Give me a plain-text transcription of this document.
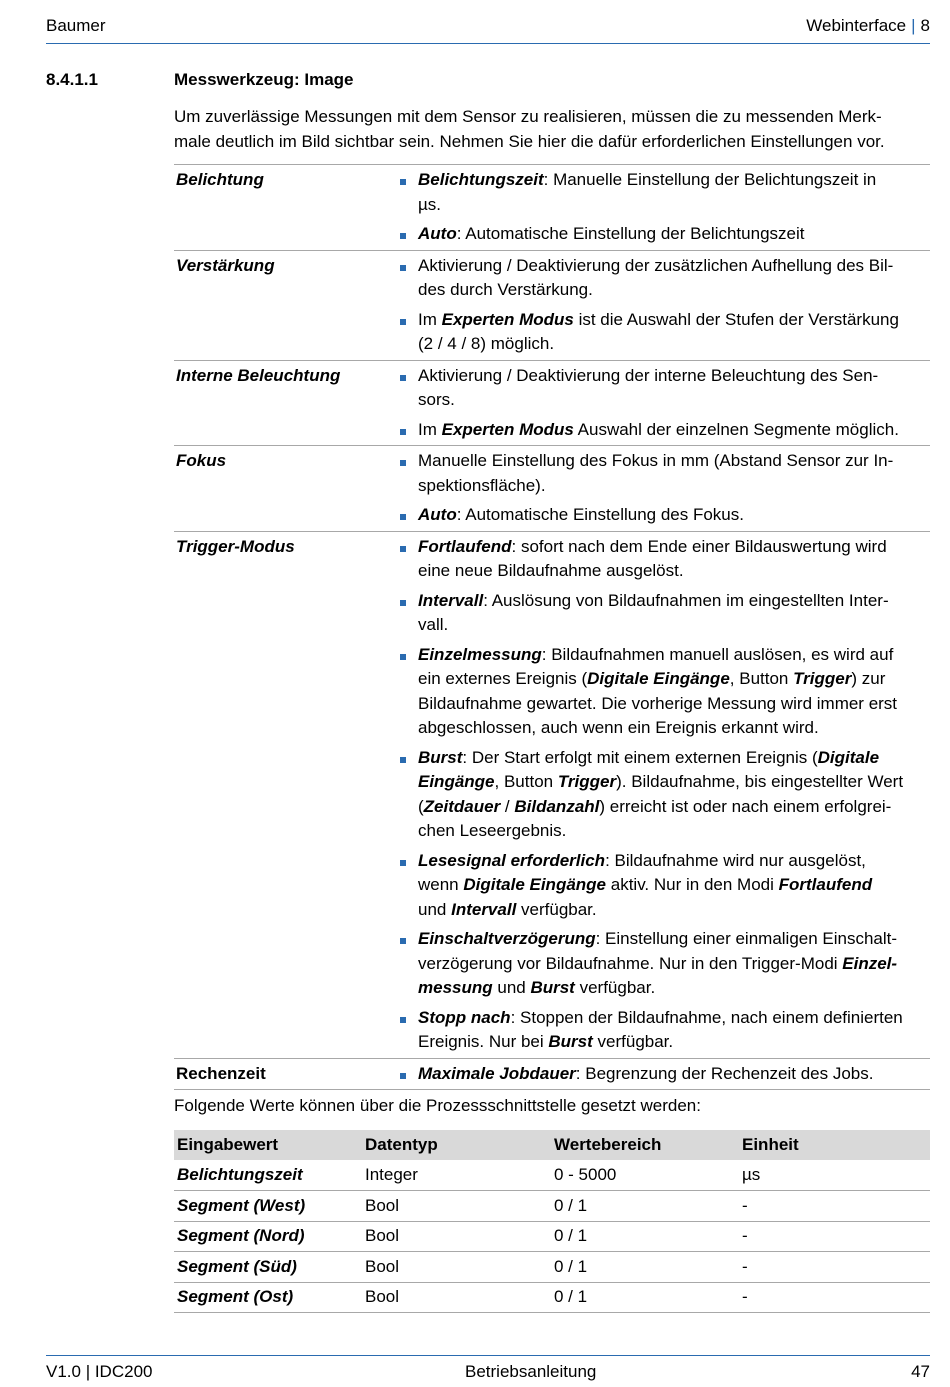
Baumer	Webinterface | 8
8.4.1.1	Messwerkzeug: Image
Um zuverlässige Messungen mit dem Sensor zu realisieren, müssen die zu messenden Merk-
male deutlich im Bild sichtbar sein. Nehmen Sie hier die dafür erforderlichen Einstellungen vor.
Belichtung	Belichtungszeit: Manuelle Einstellung der Belichtungszeit in
µs.
Auto: Automatische Einstellung der Belichtungszeit
Verstärkung	Aktivierung / Deaktivierung der zusätzlichen Aufhellung des Bil-
des durch Verstärkung.
Im Experten Modus ist die Auswahl der Stufen der Verstärkung
(2 / 4 / 8) möglich.
Interne Beleuchtung	Aktivierung / Deaktivierung der interne Beleuchtung des Sen-
sors.
Im Experten Modus Auswahl der einzelnen Segmente möglich.
Fokus	Manuelle Einstellung des Fokus in mm (Abstand Sensor zur In-
spektionsfläche).
Auto: Automatische Einstellung des Fokus.
Trigger-Modus	Fortlaufend: sofort nach dem Ende einer Bildauswertung wird
eine neue Bildaufnahme ausgelöst.
Intervall: Auslösung von Bildaufnahmen im eingestellten Inter-
vall.
Einzelmessung: Bildaufnahmen manuell auslösen, es wird auf
ein externes Ereignis (Digitale Eingänge, Button Trigger) zur
Bildaufnahme gewartet. Die vorherige Messung wird immer erst
abgeschlossen, auch wenn ein Ereignis erkannt wird.
Burst: Der Start erfolgt mit einem externen Ereignis (Digitale
Eingänge, Button Trigger). Bildaufnahme, bis eingestellter Wert
(Zeitdauer / Bildanzahl) erreicht ist oder nach einem erfolgrei-
chen Leseergebnis.
Lesesignal erforderlich: Bildaufnahme wird nur ausgelöst,
wenn Digitale Eingänge aktiv. Nur in den Modi Fortlaufend
und Intervall verfügbar.
Einschaltverzögerung: Einstellung einer einmaligen Einschalt-
verzögerung vor Bildaufnahme. Nur in den Trigger-Modi Einzel-
messung und Burst verfügbar.
Stopp nach: Stoppen der Bildaufnahme, nach einem definierten
Ereignis. Nur bei Burst verfügbar.
Rechenzeit	Maximale Jobdauer: Begrenzung der Rechenzeit des Jobs.
Folgende Werte können über die Prozessschnittstelle gesetzt werden:
Eingabewert	Datentyp	Wertebereich	Einheit
Belichtungszeit	Integer	0 - 5000	µs
Segment (West)	Bool	0 / 1	-
Segment (Nord)	Bool	0 / 1	-
Segment (Süd)	Bool	0 / 1	-
Segment (Ost)	Bool	0 / 1	-
V1.0 | IDC200	Betriebsanleitung	47
